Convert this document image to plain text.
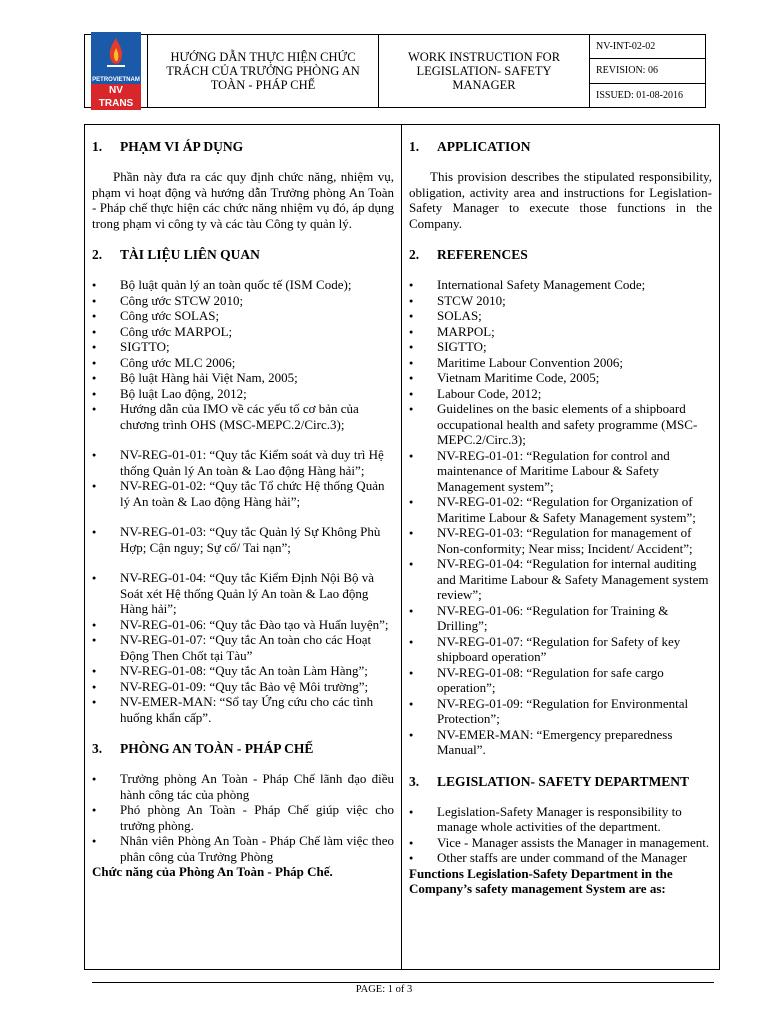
PETROVIETNAM
NV TRANS
HƯỚNG DẪN THỰC HIỆN CHỨC TRÁCH CỦA TRƯỞNG PHÒNG AN TOÀN - PHÁP CHẾ
WORK INSTRUCTION FOR LEGISLATION- SAFETY MANAGER
NV-INT-02-02
REVISION: 06
ISSUED: 01-08-2016
1. PHẠM VI ÁP DỤNG

Phần này đưa ra các quy định chức năng, nhiệm vụ, phạm vi hoạt động và hướng dẫn Trưởng phòng An Toàn - Pháp chế thực hiện các chức năng nhiệm vụ đó, áp dụng trong phạm vi công ty và các tàu Công ty quản lý.

2. TÀI LIỆU LIÊN QUAN
● Bộ luật quản lý an toàn quốc tế (ISM Code);
● Công ước STCW 2010;
● Công ước SOLAS;
● Công ước MARPOL;
● SIGTTO;
● Công ước MLC 2006;
● Bộ luật Hàng hải Việt Nam, 2005;
● Bộ luật Lao động, 2012;
● Hướng dẫn của IMO về các yếu tố cơ bản của chương trình OHS (MSC-MEPC.2/Circ.3);
● NV-REG-01-01: “Quy tắc Kiểm soát và duy trì Hệ thống Quản lý An toàn & Lao động Hàng hải”;
● NV-REG-01-02: “Quy tắc Tổ chức Hệ thống Quản lý An toàn & Lao động Hàng hải”;
● NV-REG-01-03: “Quy tắc Quản lý Sự Không Phù Hợp; Cận nguy; Sự cố/ Tai nạn”;
● NV-REG-01-04: “Quy tắc Kiểm Định Nội Bộ và Soát xét Hệ thống Quản lý An toàn & Lao động Hàng hải”;
● NV-REG-01-06: “Quy tắc Đào tạo và Huấn luyện”;
● NV-REG-01-07: “Quy tắc An toàn cho các Hoạt Động Then Chốt tại Tàu”
● NV-REG-01-08: “Quy tắc An toàn Làm Hàng”;
● NV-REG-01-09: “Quy tắc Bảo vệ Môi trường”;
● NV-EMER-MAN: “Sổ tay Ứng cứu cho các tình huống khẩn cấp”.
3. PHÒNG AN TOÀN - PHÁP CHẾ
● Trưởng phòng An Toàn - Pháp Chế lãnh đạo điều hành công tác của phòng
● Phó phòng An Toàn - Pháp Chế giúp việc cho trưởng phòng.
● Nhân viên Phòng An Toàn - Pháp Chế làm việc theo phân công của Trưởng Phòng
Chức năng của Phòng An Toàn - Pháp Chế.
1. APPLICATION

This provision describes the stipulated responsibility, obligation, activity area and instructions for Legislation- Safety Manager to execute those functions in the Company.

2. REFERENCES
● International Safety Management Code;
● STCW 2010;
● SOLAS;
● MARPOL;
● SIGTTO;
● Maritime Labour Convention 2006;
● Vietnam Maritime Code, 2005;
● Labour Code, 2012;
● Guidelines on the basic elements of a shipboard occupational health and safety programme (MSC-MEPC.2/Circ.3);
● NV-REG-01-01: “Regulation for control and maintenance of Maritime Labour & Safety Management system”;
● NV-REG-01-02: “Regulation for Organization of Maritime Labour & Safety Management system”;
● NV-REG-01-03: “Regulation for management of Non-conformity; Near miss; Incident/ Accident”;
● NV-REG-01-04: “Regulation for internal auditing and Maritime Labour & Safety Management system review”;
● NV-REG-01-06: “Regulation for Training & Drilling”;
● NV-REG-01-07: “Regulation for Safety of key shipboard operation”
● NV-REG-01-08: “Regulation for safe cargo operation”;
● NV-REG-01-09: “Regulation for Environmental Protection”;
● NV-EMER-MAN: “Emergency preparedness Manual”.
3. LEGISLATION- SAFETY DEPARTMENT
● Legislation-Safety Manager is responsibility to manage whole activities of the department.
● Vice - Manager assists the Manager in management.
● Other staffs are under command of the Manager
Functions Legislation-Safety Department in the Company’s safety management System are as:
PAGE: 1 of 3
